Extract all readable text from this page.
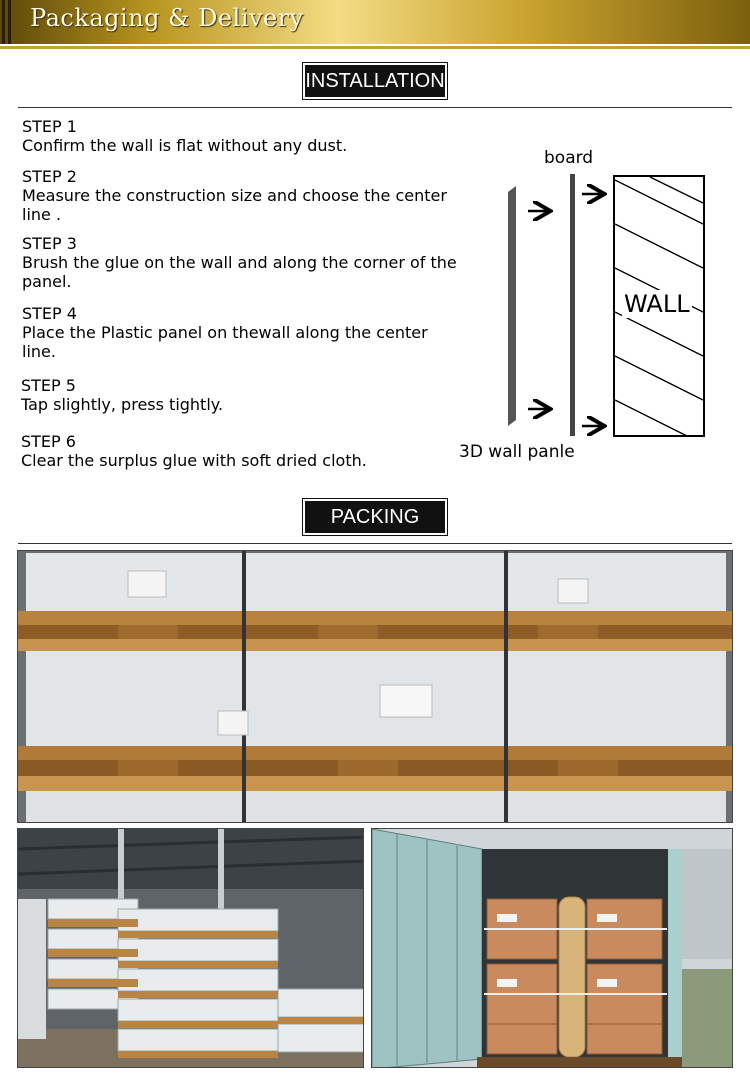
Packaging & Delivery
INSTALLATION
STEP 1
Confirm the wall is flat without any dust.
STEP 2
Measure the construction size and choose the center line .
STEP 3
Brush the glue on the wall and along the corner of the panel.
STEP 4
Place the Plastic panel on thewall along the center line.
STEP 5
Tap slightly, press tightly.
STEP 6
Clear the surplus glue with soft dried cloth.
board
WALL
3D wall panle
PACKING
